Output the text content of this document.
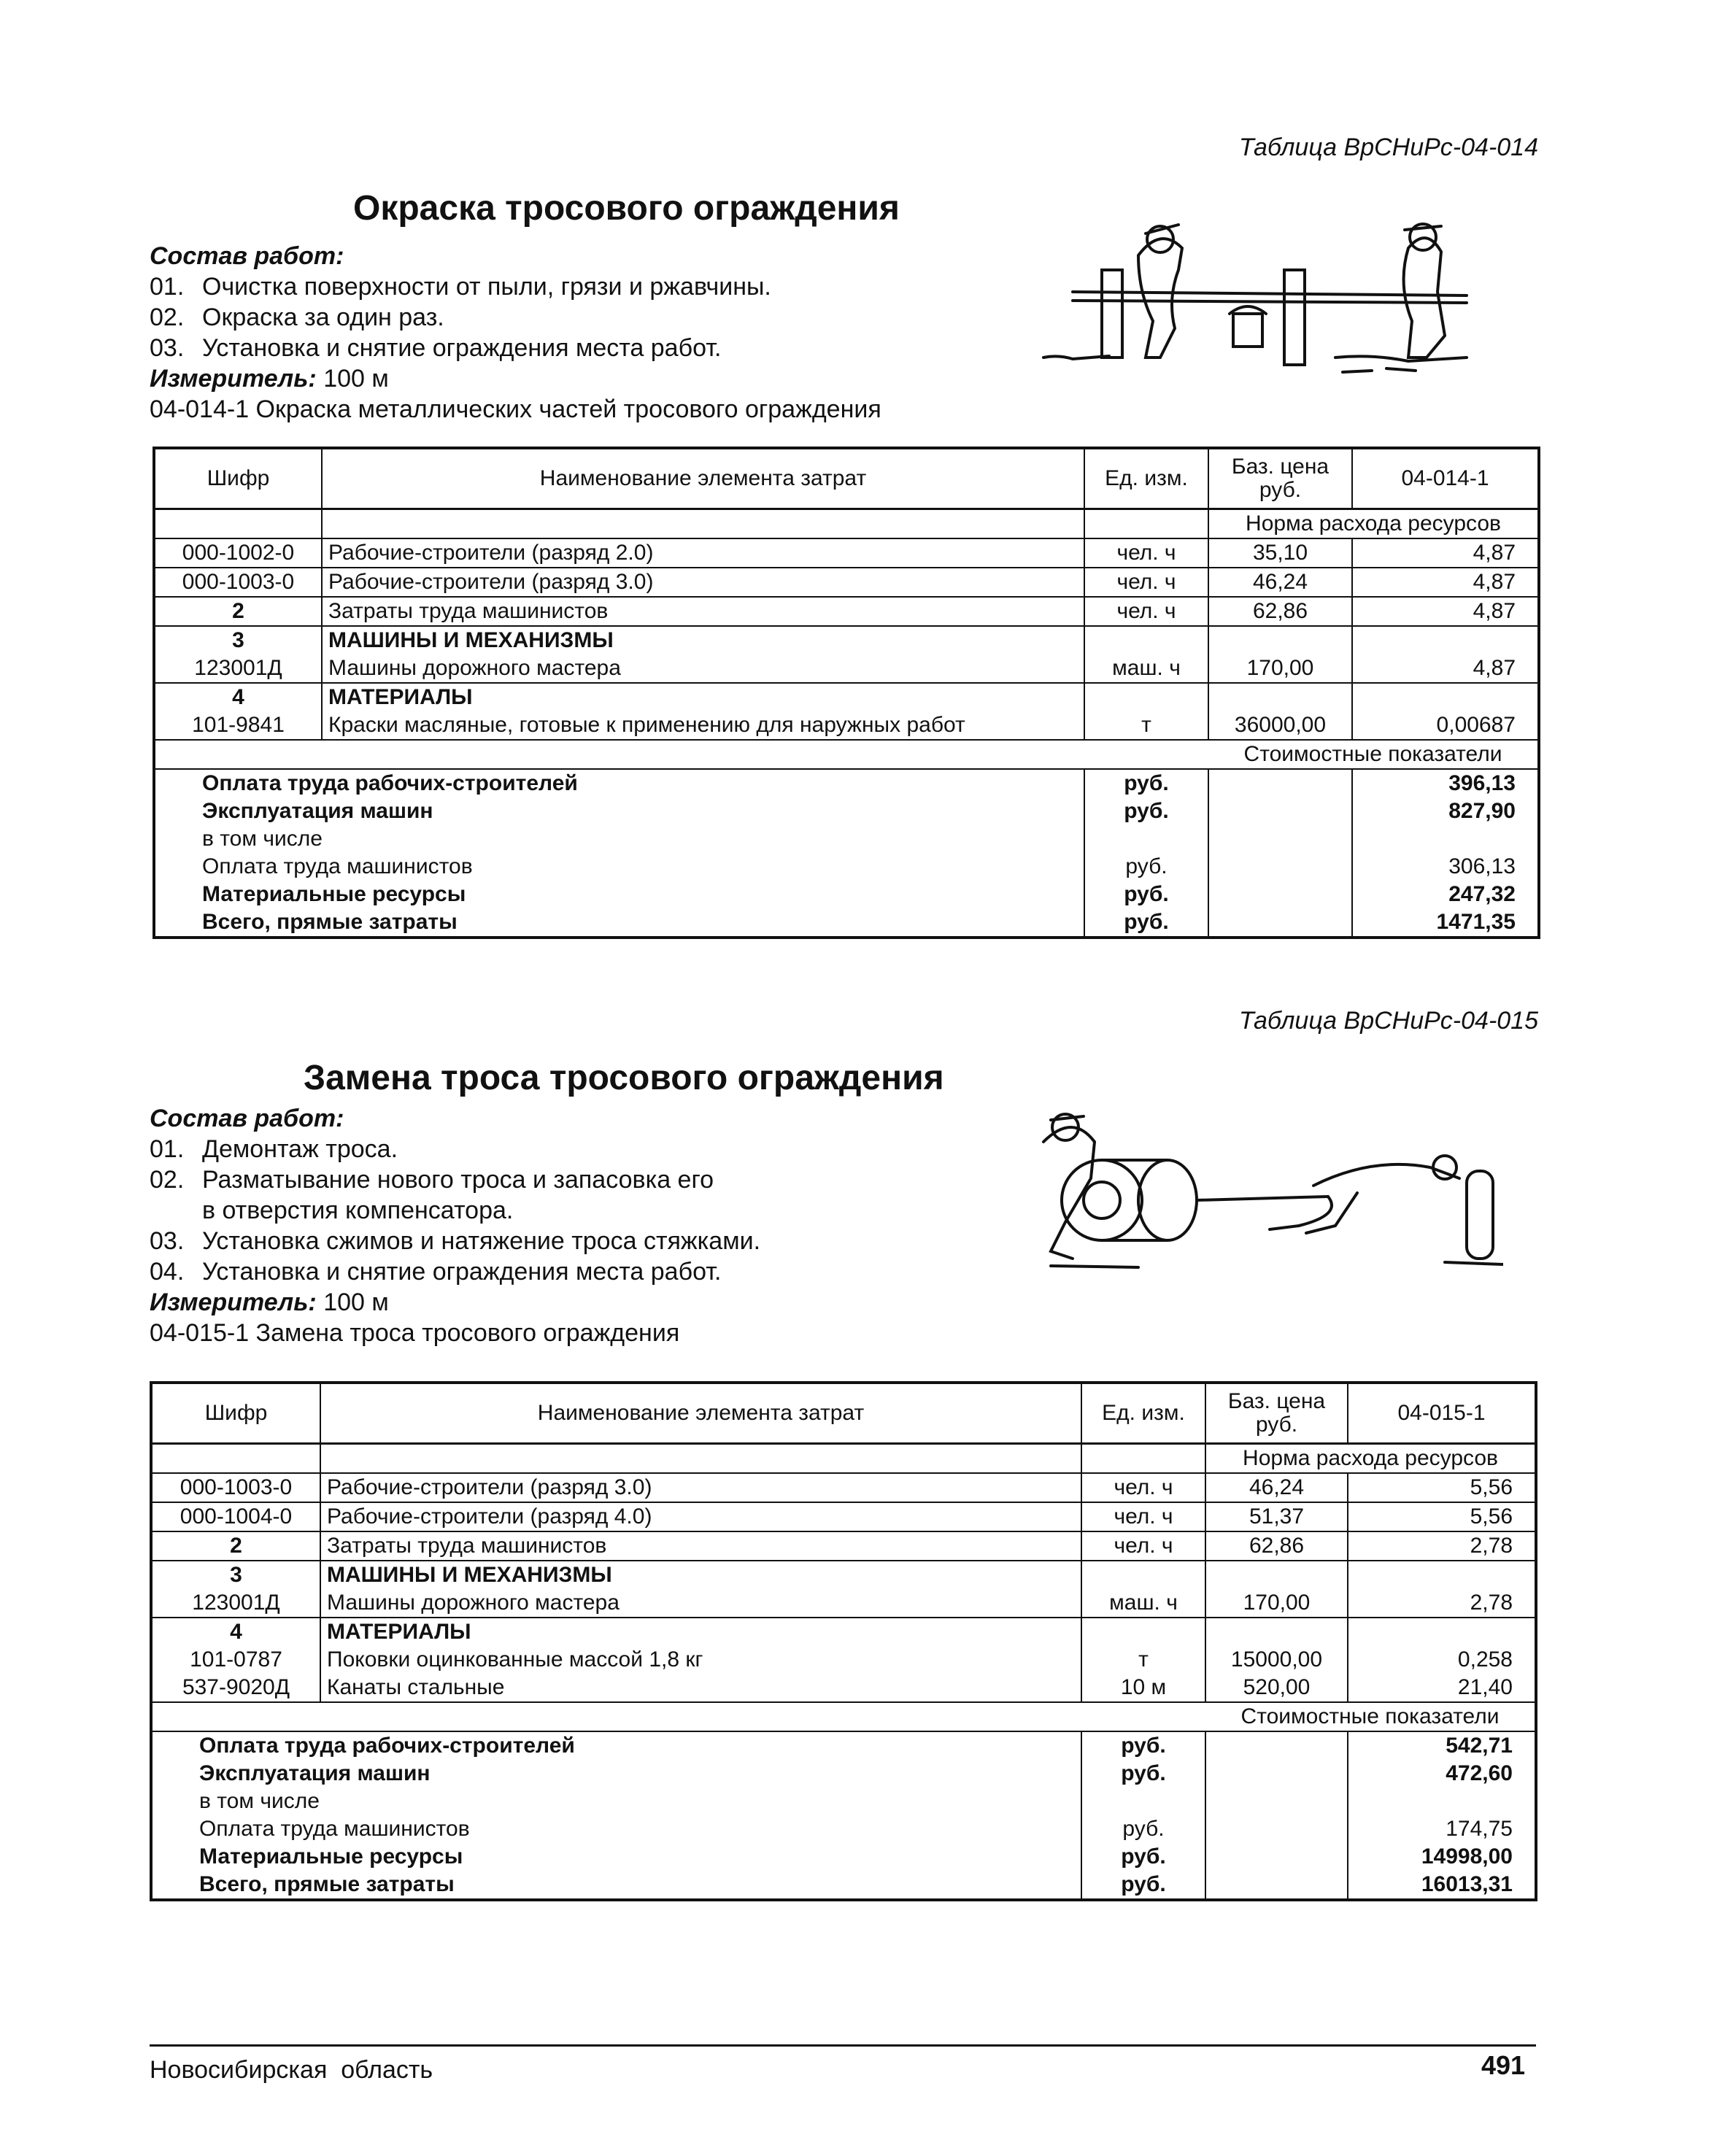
Таблица ВрСНиРс-04-014
Окраска тросового ограждения
Состав работ:
01. Очистка поверхности от пыли, грязи и ржавчины.
02. Окраска за один раз.
03. Установка и снятие ограждения места работ.
Измеритель: 100 м
04-014-1 Окраска металлических частей тросового ограждения
Шифр	Наименование элемента затрат	Ед. изм.	Баз. цена руб.	04-014-1
			Норма расхода ресурсов	
000-1002-0	Рабочие-строители (разряд 2.0)	чел. ч	35,10	4,87
000-1003-0	Рабочие-строители (разряд 3.0)	чел. ч	46,24	4,87
2	Затраты труда машинистов	чел. ч	62,86	4,87
3	МАШИНЫ И МЕХАНИЗМЫ			
123001Д	Машины дорожного мастера	маш. ч	170,00	4,87
4	МАТЕРИАЛЫ			
101-9841	Краски масляные, готовые к применению для наружных работ	т	36000,00	0,00687
			Стоимостные показатели	
Оплата труда рабочих-строителей		руб.		396,13
Эксплуатация машин		руб.		827,90
в том числе				
Оплата труда машинистов		руб.		306,13
Материальные ресурсы		руб.		247,32
Всего, прямые затраты		руб.		1471,35
Таблица ВрСНиРс-04-015
Замена троса тросового ограждения
Состав работ:
01. Демонтаж троса.
02. Разматывание нового троса и запасовка его
в отверстия компенсатора.
03. Установка сжимов и натяжение троса стяжками.
04. Установка и снятие ограждения места работ.
Измеритель: 100 м
04-015-1 Замена троса тросового ограждения
Шифр	Наименование элемента затрат	Ед. изм.	Баз. цена руб.	04-015-1
			Норма расхода ресурсов	
000-1003-0	Рабочие-строители (разряд 3.0)	чел. ч	46,24	5,56
000-1004-0	Рабочие-строители (разряд 4.0)	чел. ч	51,37	5,56
2	Затраты труда машинистов	чел. ч	62,86	2,78
3	МАШИНЫ И МЕХАНИЗМЫ			
123001Д	Машины дорожного мастера	маш. ч	170,00	2,78
4	МАТЕРИАЛЫ			
101-0787	Поковки оцинкованные массой 1,8 кг	т	15000,00	0,258
537-9020Д	Канаты стальные	10 м	520,00	21,40
			Стоимостные показатели	
Оплата труда рабочих-строителей		руб.		542,71
Эксплуатация машин		руб.		472,60
в том числе				
Оплата труда машинистов		руб.		174,75
Материальные ресурсы		руб.		14998,00
Всего, прямые затраты		руб.		16013,31
Новосибирская  область	491
